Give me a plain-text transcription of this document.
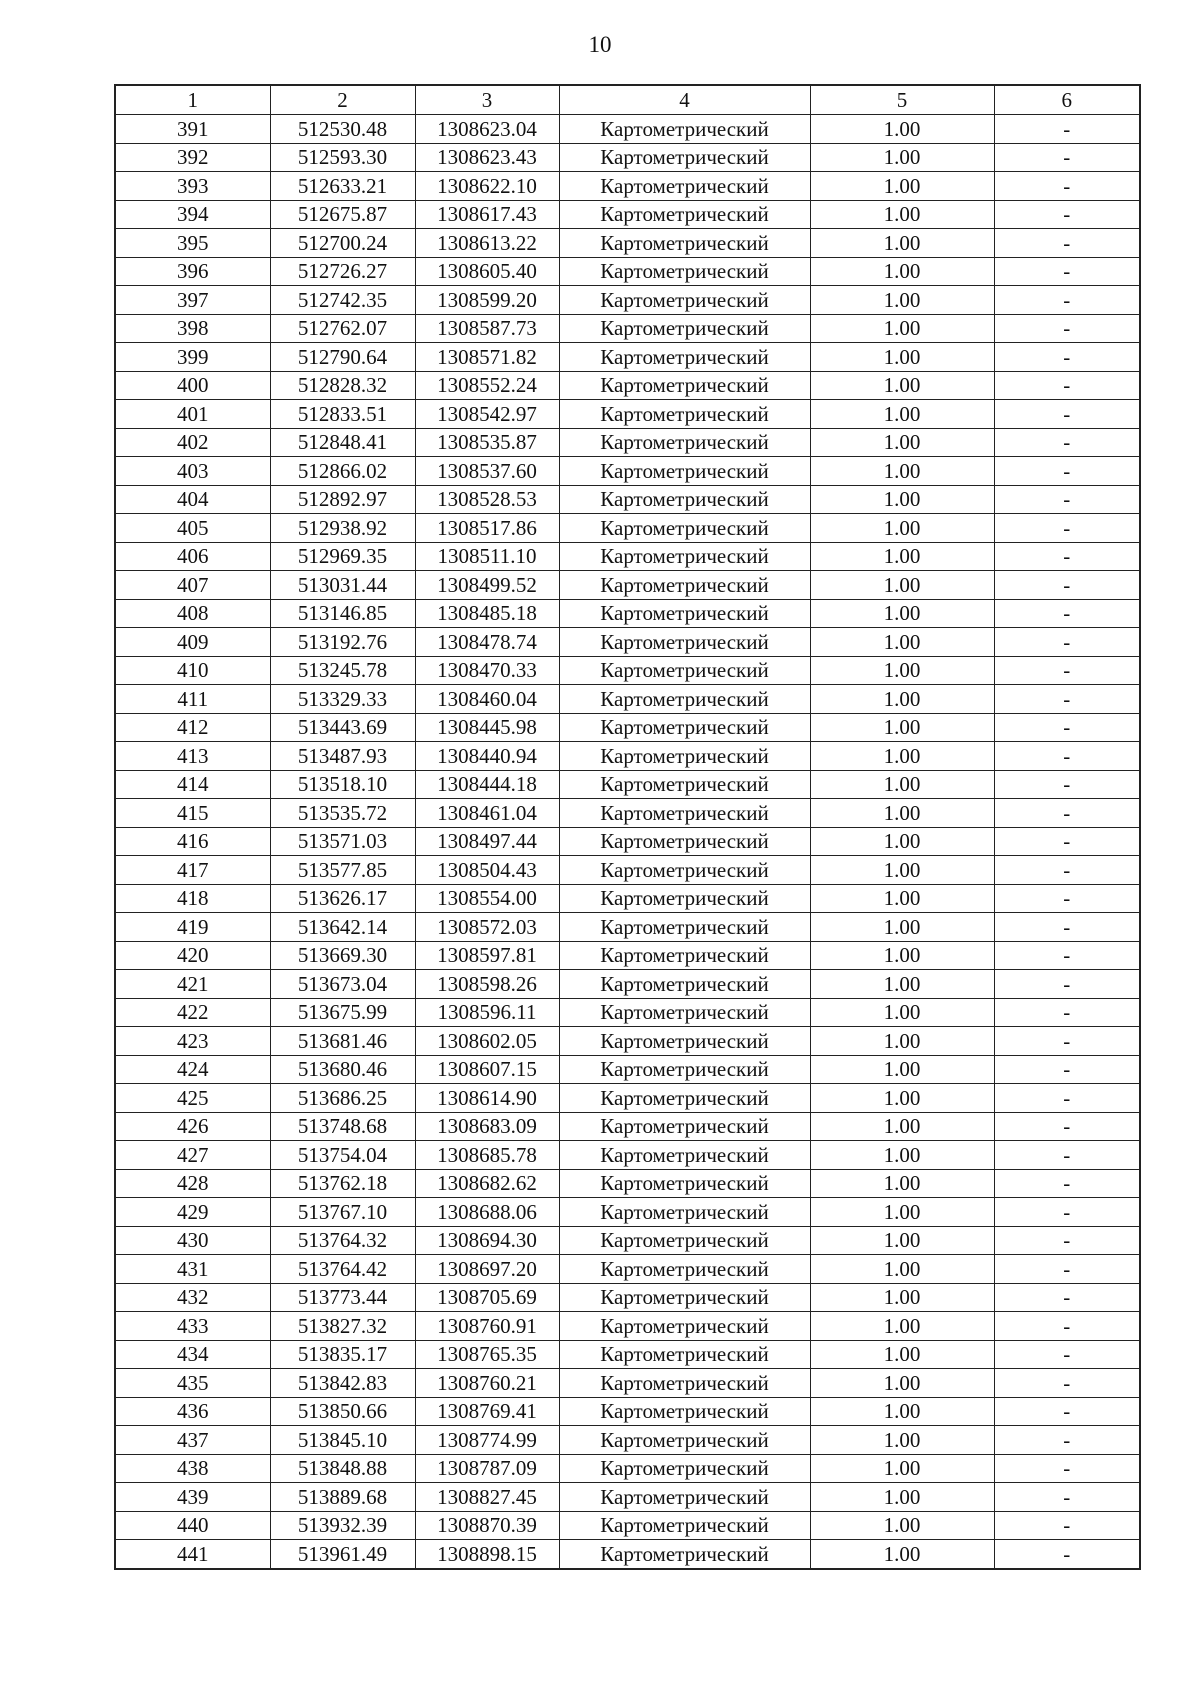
10
1	2	3	4	5	6
391	512530.48	1308623.04	Картометрический	1.00	-
392	512593.30	1308623.43	Картометрический	1.00	-
393	512633.21	1308622.10	Картометрический	1.00	-
394	512675.87	1308617.43	Картометрический	1.00	-
395	512700.24	1308613.22	Картометрический	1.00	-
396	512726.27	1308605.40	Картометрический	1.00	-
397	512742.35	1308599.20	Картометрический	1.00	-
398	512762.07	1308587.73	Картометрический	1.00	-
399	512790.64	1308571.82	Картометрический	1.00	-
400	512828.32	1308552.24	Картометрический	1.00	-
401	512833.51	1308542.97	Картометрический	1.00	-
402	512848.41	1308535.87	Картометрический	1.00	-
403	512866.02	1308537.60	Картометрический	1.00	-
404	512892.97	1308528.53	Картометрический	1.00	-
405	512938.92	1308517.86	Картометрический	1.00	-
406	512969.35	1308511.10	Картометрический	1.00	-
407	513031.44	1308499.52	Картометрический	1.00	-
408	513146.85	1308485.18	Картометрический	1.00	-
409	513192.76	1308478.74	Картометрический	1.00	-
410	513245.78	1308470.33	Картометрический	1.00	-
411	513329.33	1308460.04	Картометрический	1.00	-
412	513443.69	1308445.98	Картометрический	1.00	-
413	513487.93	1308440.94	Картометрический	1.00	-
414	513518.10	1308444.18	Картометрический	1.00	-
415	513535.72	1308461.04	Картометрический	1.00	-
416	513571.03	1308497.44	Картометрический	1.00	-
417	513577.85	1308504.43	Картометрический	1.00	-
418	513626.17	1308554.00	Картометрический	1.00	-
419	513642.14	1308572.03	Картометрический	1.00	-
420	513669.30	1308597.81	Картометрический	1.00	-
421	513673.04	1308598.26	Картометрический	1.00	-
422	513675.99	1308596.11	Картометрический	1.00	-
423	513681.46	1308602.05	Картометрический	1.00	-
424	513680.46	1308607.15	Картометрический	1.00	-
425	513686.25	1308614.90	Картометрический	1.00	-
426	513748.68	1308683.09	Картометрический	1.00	-
427	513754.04	1308685.78	Картометрический	1.00	-
428	513762.18	1308682.62	Картометрический	1.00	-
429	513767.10	1308688.06	Картометрический	1.00	-
430	513764.32	1308694.30	Картометрический	1.00	-
431	513764.42	1308697.20	Картометрический	1.00	-
432	513773.44	1308705.69	Картометрический	1.00	-
433	513827.32	1308760.91	Картометрический	1.00	-
434	513835.17	1308765.35	Картометрический	1.00	-
435	513842.83	1308760.21	Картометрический	1.00	-
436	513850.66	1308769.41	Картометрический	1.00	-
437	513845.10	1308774.99	Картометрический	1.00	-
438	513848.88	1308787.09	Картометрический	1.00	-
439	513889.68	1308827.45	Картометрический	1.00	-
440	513932.39	1308870.39	Картометрический	1.00	-
441	513961.49	1308898.15	Картометрический	1.00	-
